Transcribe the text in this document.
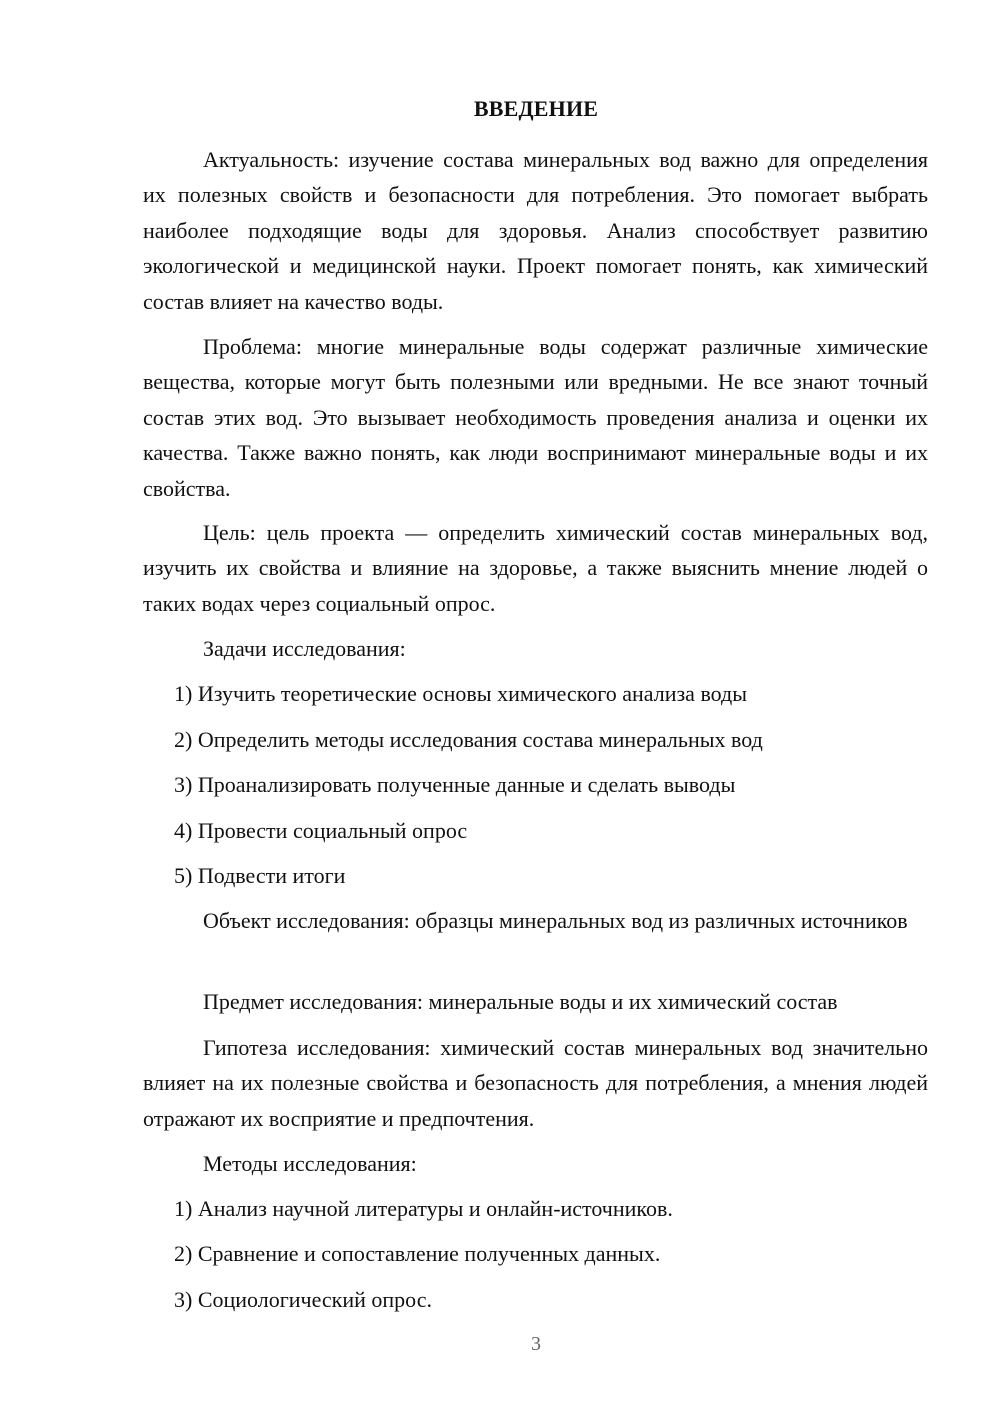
ВВЕДЕНИЕ

Актуальность: изучение состава минеральных вод важно для определения их полезных свойств и безопасности для потребления. Это помогает выбрать наиболее подходящие воды для здоровья. Анализ способствует развитию экологической и медицинской науки. Проект помогает понять, как химический состав влияет на качество воды.

Проблема: многие минеральные воды содержат различные химические вещества, которые могут быть полезными или вредными. Не все знают точный состав этих вод. Это вызывает необходимость проведения анализа и оценки их качества. Также важно понять, как люди воспринимают минеральные воды и их свойства.

Цель: цель проекта — определить химический состав минеральных вод, изучить их свойства и влияние на здоровье, а также выяснить мнение людей о таких водах через социальный опрос.

Задачи исследования:
1) Изучить теоретические основы химического анализа воды
2) Определить методы исследования состава минеральных вод
3) Проанализировать полученные данные и сделать выводы
4) Провести социальный опрос
5) Подвести итоги

Объект исследования: образцы минеральных вод из различных источников

Предмет исследования: минеральные воды и их химический состав

Гипотеза исследования: химический состав минеральных вод значительно влияет на их полезные свойства и безопасность для потребления, а мнения людей отражают их восприятие и предпочтения.

Методы исследования:
1) Анализ научной литературы и онлайн-источников.
2) Сравнение и сопоставление полученных данных.
3) Социологический опрос.
3
